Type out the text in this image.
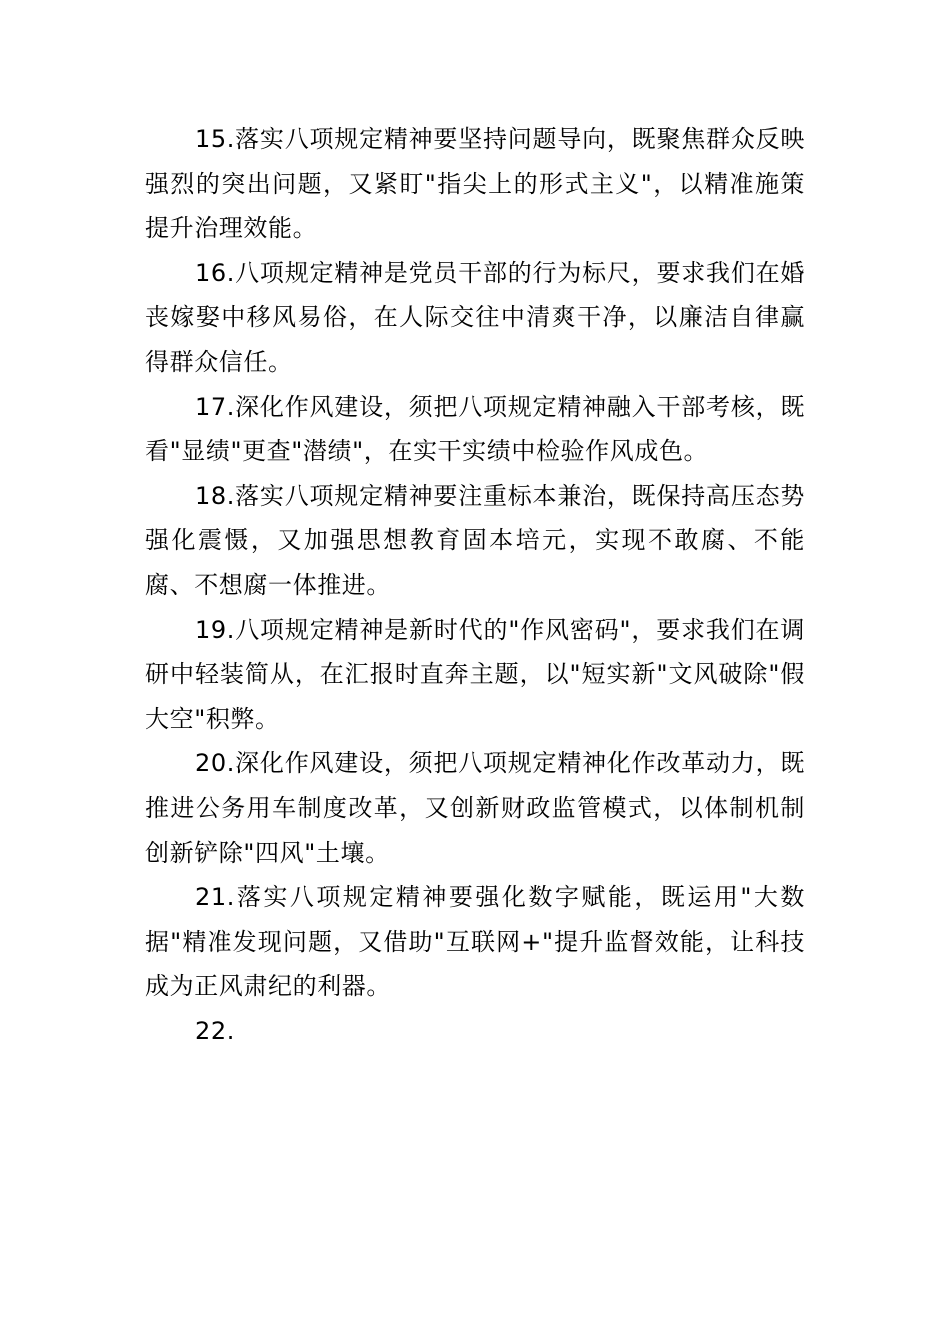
15.落实八项规定精神要坚持问题导向，既聚焦群众反映强烈的突出问题，又紧盯"指尖上的形式主义"，以精准施策提升治理效能。

16.八项规定精神是党员干部的行为标尺，要求我们在婚丧嫁娶中移风易俗，在人际交往中清爽干净，以廉洁自律赢得群众信任。

17.深化作风建设，须把八项规定精神融入干部考核，既看"显绩"更查"潜绩"，在实干实绩中检验作风成色。

18.落实八项规定精神要注重标本兼治，既保持高压态势强化震慑，又加强思想教育固本培元，实现不敢腐、不能腐、不想腐一体推进。

19.八项规定精神是新时代的"作风密码"，要求我们在调研中轻装简从，在汇报时直奔主题，以"短实新"文风破除"假大空"积弊。

20.深化作风建设，须把八项规定精神化作改革动力，既推进公务用车制度改革，又创新财政监管模式，以体制机制创新铲除"四风"土壤。

21.落实八项规定精神要强化数字赋能，既运用"大数据"精准发现问题，又借助"互联网+"提升监督效能，让科技成为正风肃纪的利器。

22.
